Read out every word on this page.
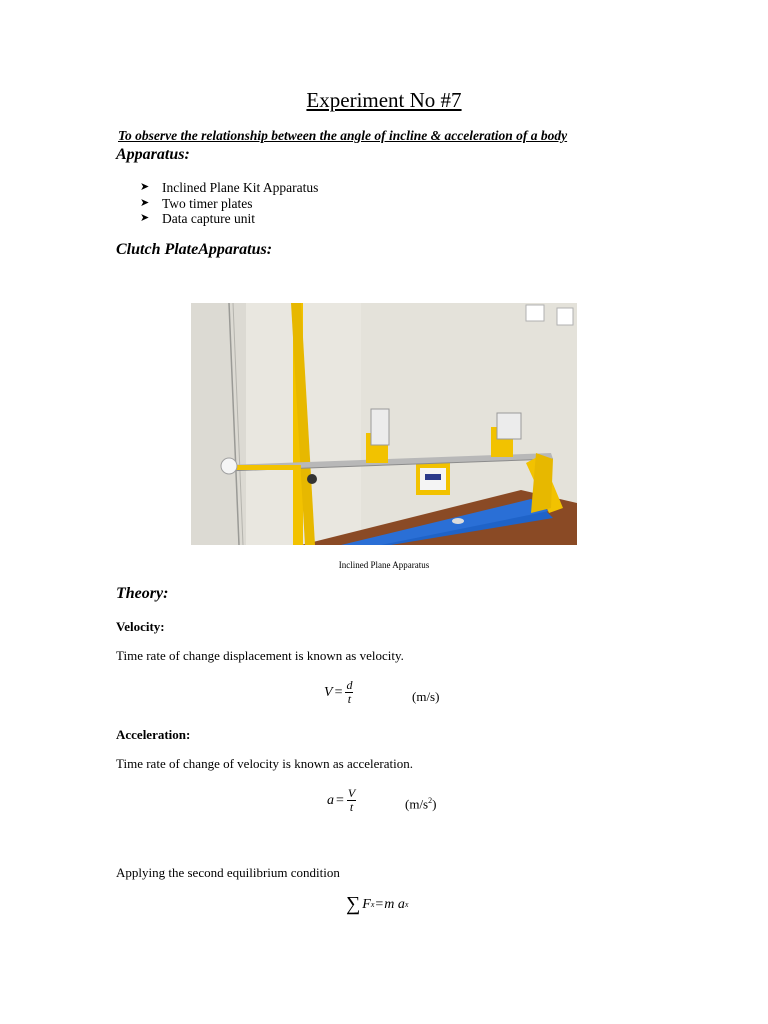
Experiment No #7
To observe the relationship between the angle of incline & acceleration of a body
Apparatus:
➤ Inclined Plane Kit Apparatus
➤ Two timer plates
➤ Data capture unit
Clutch PlateApparatus:
Inclined Plane Apparatus
Theory:
Velocity:
Time rate of change displacement is known as velocity.
$V = \frac{d}{t}$	(m/s)
Acceleration:
Time rate of change of velocity is known as acceleration.
$a = \frac{V}{t}$	$(m/s^2)$
Applying the second equilibrium condition
∑ F x = m a x
